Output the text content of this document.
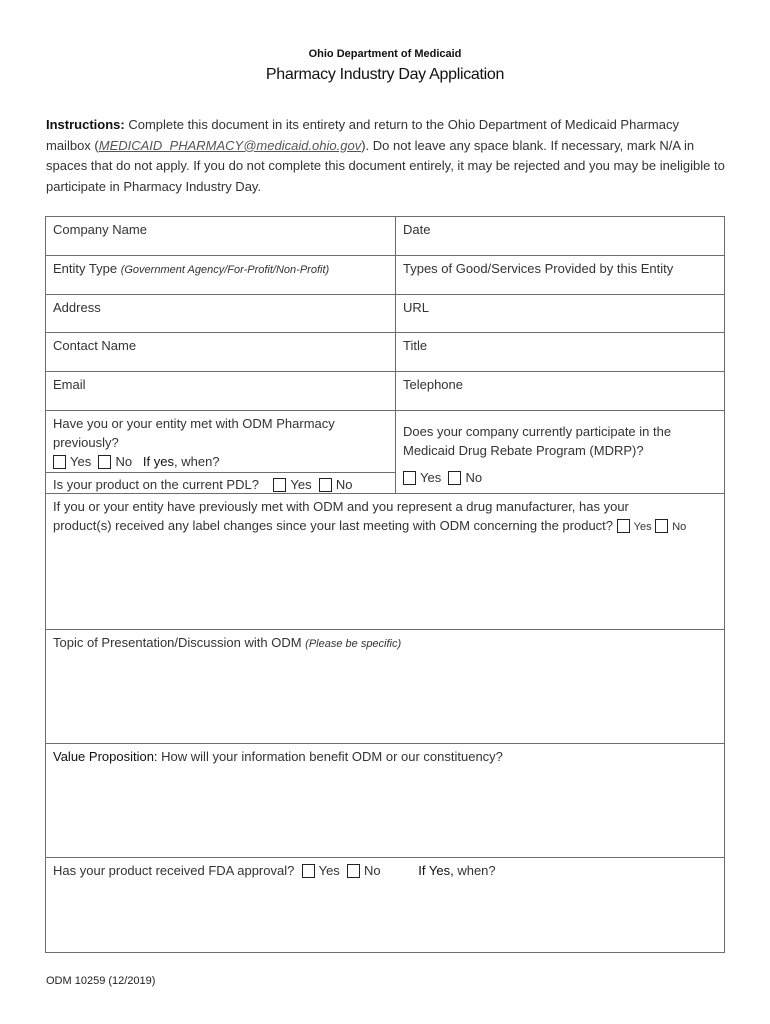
Ohio Department of Medicaid
Pharmacy Industry Day Application
Instructions: Complete this document in its entirety and return to the Ohio Department of Medicaid Pharmacy mailbox (MEDICAID_PHARMACY@medicaid.ohio.gov). Do not leave any space blank. If necessary, mark N/A in spaces that do not apply. If you do not complete this document entirely, it may be rejected and you may be ineligible to participate in Pharmacy Industry Day.
Company Name	Date
Entity Type (Government Agency/For-Profit/Non-Profit)	Types of Good/Services Provided by this Entity
Address	URL
Contact Name	Title
Email	Telephone
Have you or your entity met with ODM Pharmacy
previously?
Yes No If yes, when?
Is your product on the current PDL? Yes No
Does your company currently participate in the
Medicaid Drug Rebate Program (MDRP)?
Yes No
If you or your entity have previously met with ODM and you represent a drug manufacturer, has your
product(s) received any label changes since your last meeting with ODM concerning the product? Yes No
Topic of Presentation/Discussion with ODM (Please be specific)
Value Proposition: How will your information benefit ODM or our constituency?
Has your product received FDA approval? Yes No	If Yes, when?
ODM 10259 (12/2019)
